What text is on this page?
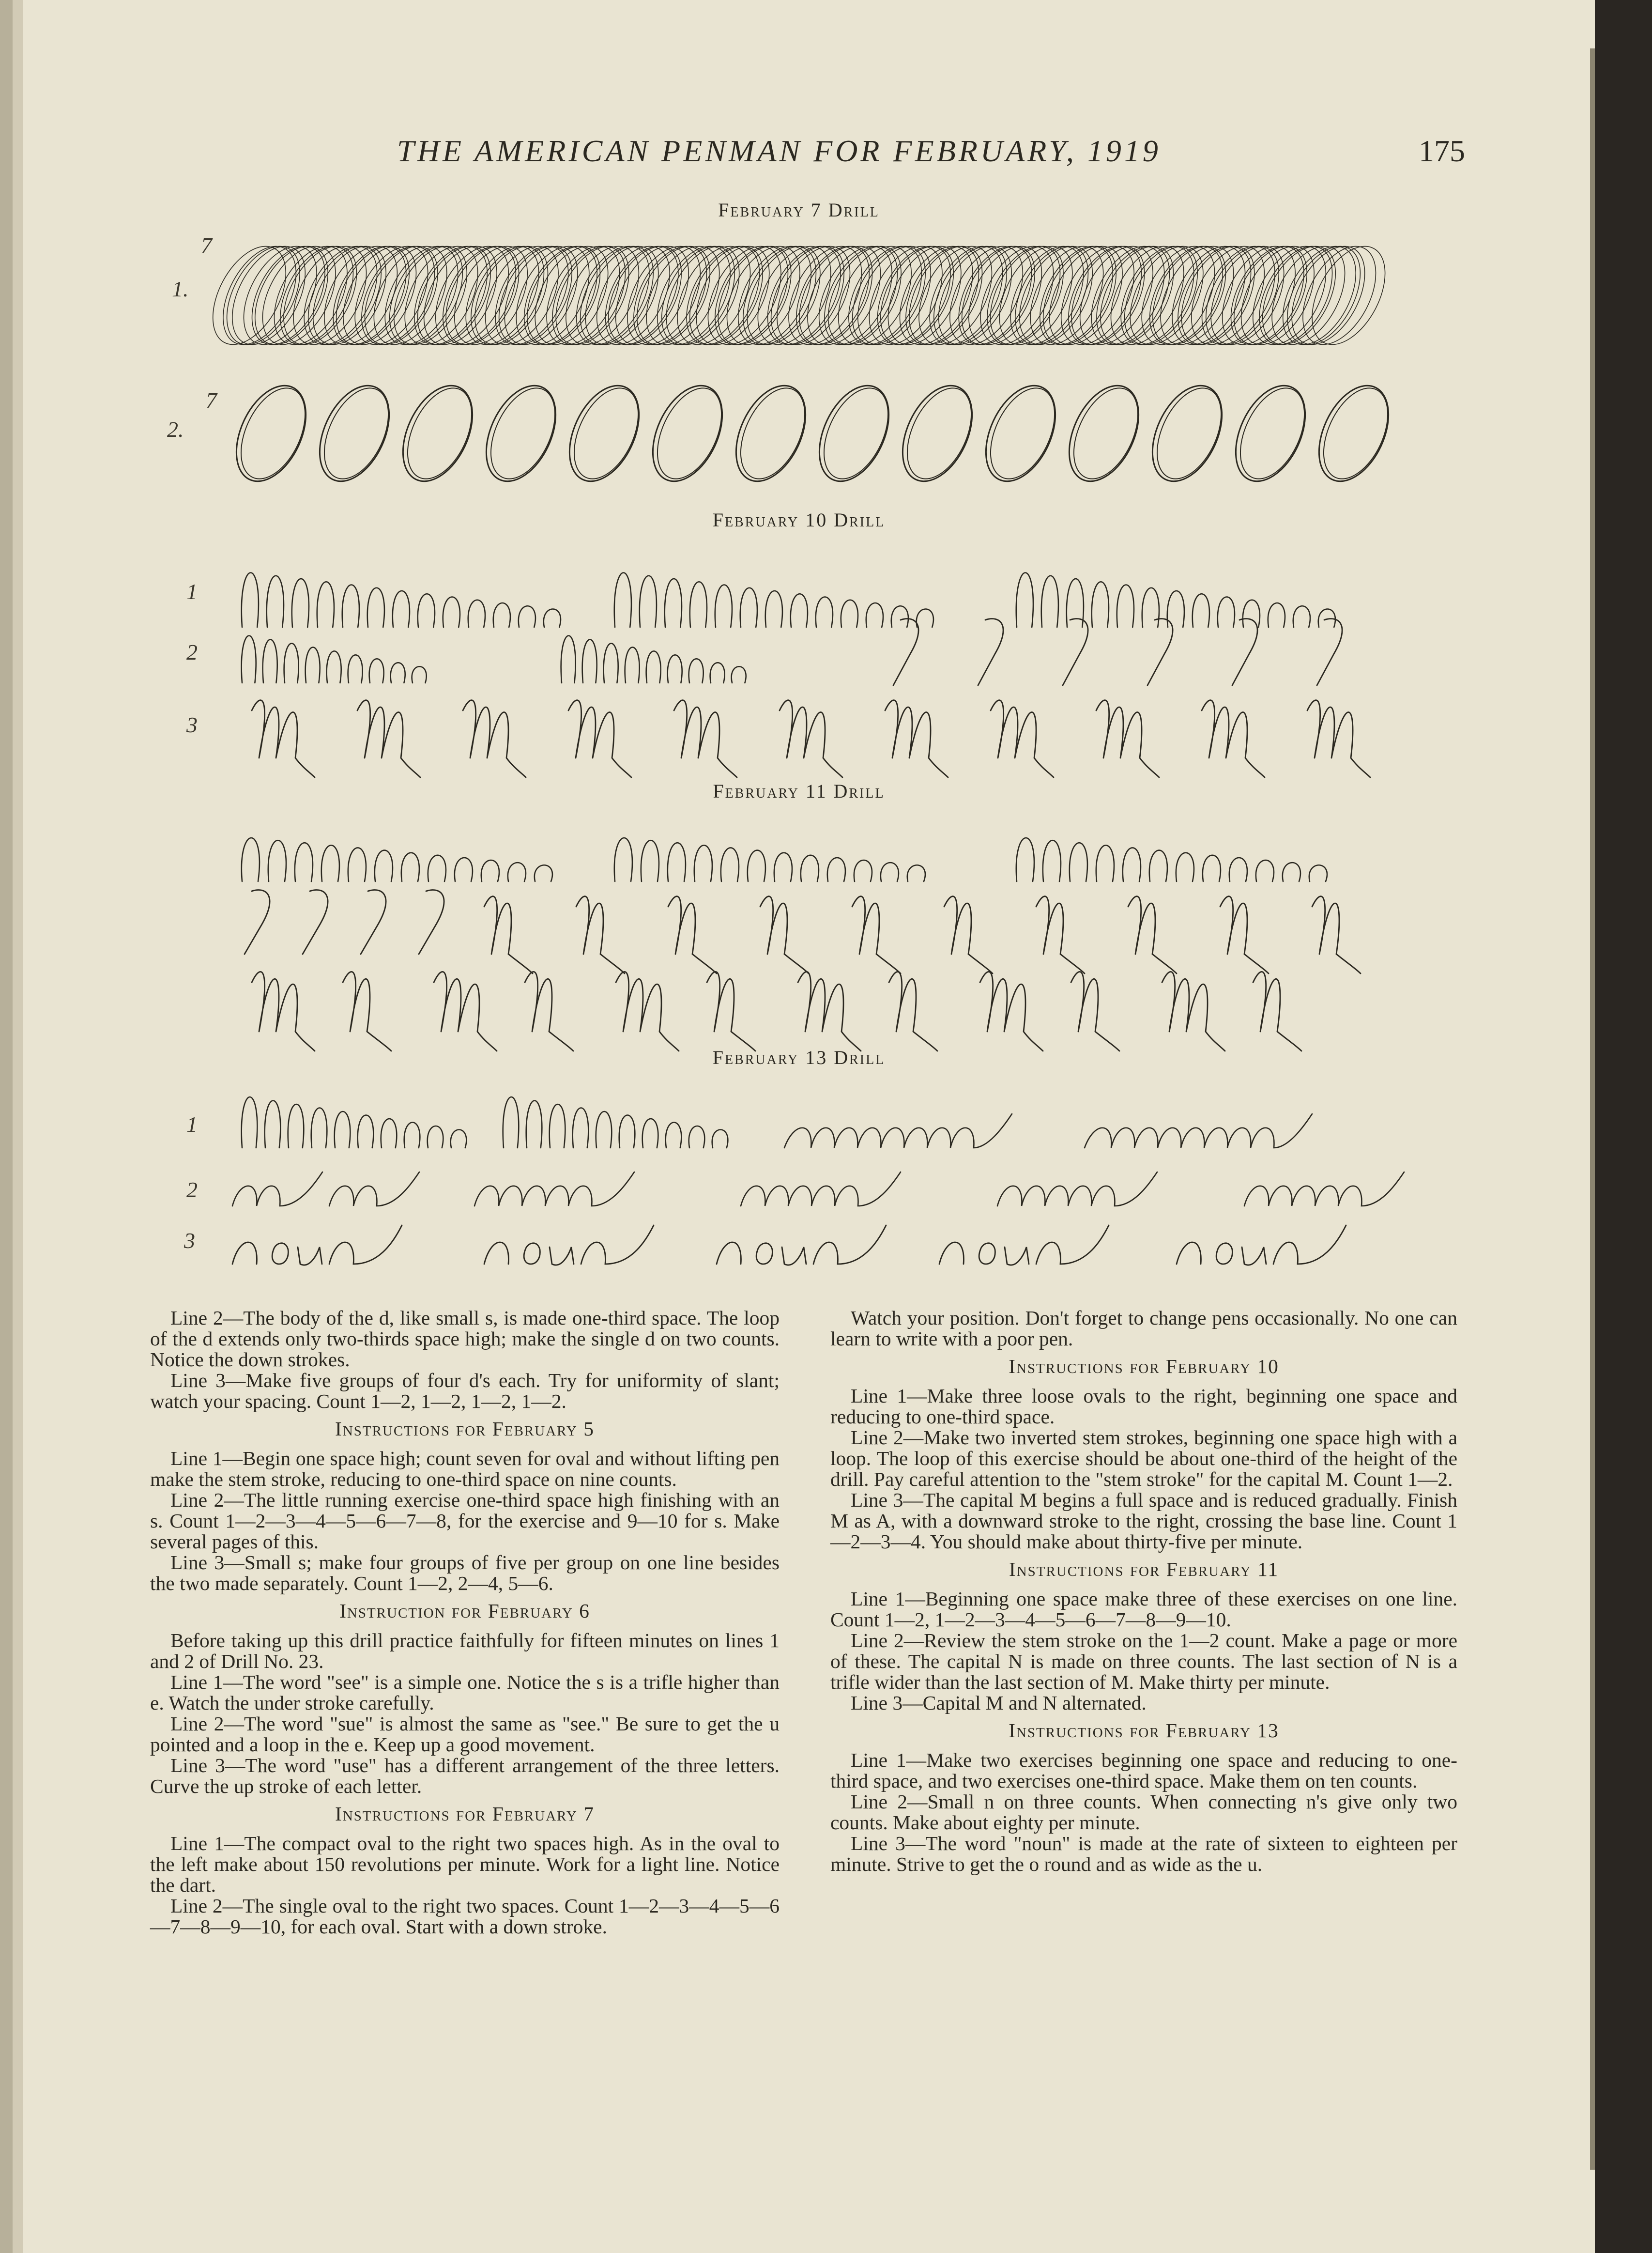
THE AMERICAN PENMAN FOR FEBRUARY, 1919	175
February 7 Drill
1.
7
2.
7
February 10 Drill
1
2
3
February 11 Drill
February 13 Drill
1
2
3

Line 2—The body of the d, like small s, is made one-third space. The loop of the d extends only two-thirds space high; make the single d on two counts. Notice the down strokes.

Line 3—Make five groups of four d's each. Try for uniformity of slant; watch your spacing. Count 1—2, 1—2, 1—2, 1—2.

Instructions for February 5

Line 1—Begin one space high; count seven for oval and without lifting pen make the stem stroke, reducing to one-third space on nine counts.

Line 2—The little running exercise one-third space high finishing with an s. Count 1—2—3—4—5—6—7—8, for the exercise and 9—10 for s. Make several pages of this.

Line 3—Small s; make four groups of five per group on one line besides the two made separately. Count 1—2, 2—4, 5—6.

Instruction for February 6

Before taking up this drill practice faithfully for fifteen minutes on lines 1 and 2 of Drill No. 23.

Line 1—The word "see" is a simple one. Notice the s is a trifle higher than e. Watch the under stroke carefully.

Line 2—The word "sue" is almost the same as "see." Be sure to get the u pointed and a loop in the e. Keep up a good movement.

Line 3—The word "use" has a different arrangement of the three letters. Curve the up stroke of each letter.

Instructions for February 7

Line 1—The compact oval to the right two spaces high. As in the oval to the left make about 150 revolutions per minute. Work for a light line. Notice the dart.

Line 2—The single oval to the right two spaces. Count 1—2—3—4—5—6—7—8—9—10, for each oval. Start with a down stroke.

Watch your position. Don't forget to change pens occasionally. No one can learn to write with a poor pen.

Instructions for February 10

Line 1—Make three loose ovals to the right, beginning one space and reducing to one-third space.

Line 2—Make two inverted stem strokes, beginning one space high with a loop. The loop of this exercise should be about one-third of the height of the drill. Pay careful attention to the "stem stroke" for the capital M. Count 1—2.

Line 3—The capital M begins a full space and is reduced gradually. Finish M as A, with a downward stroke to the right, crossing the base line. Count 1—2—3—4. You should make about thirty-five per minute.

Instructions for February 11

Line 1—Beginning one space make three of these exercises on one line. Count 1—2, 1—2—3—4—5—6—7—8—9—10.

Line 2—Review the stem stroke on the 1—2 count. Make a page or more of these. The capital N is made on three counts. The last section of N is a trifle wider than the last section of M. Make thirty per minute.

Line 3—Capital M and N alternated.

Instructions for February 13

Line 1—Make two exercises beginning one space and reducing to one-third space, and two exercises one-third space. Make them on ten counts.

Line 2—Small n on three counts. When connecting n's give only two counts. Make about eighty per minute.

Line 3—The word "noun" is made at the rate of sixteen to eighteen per minute. Strive to get the o round and as wide as the u.
